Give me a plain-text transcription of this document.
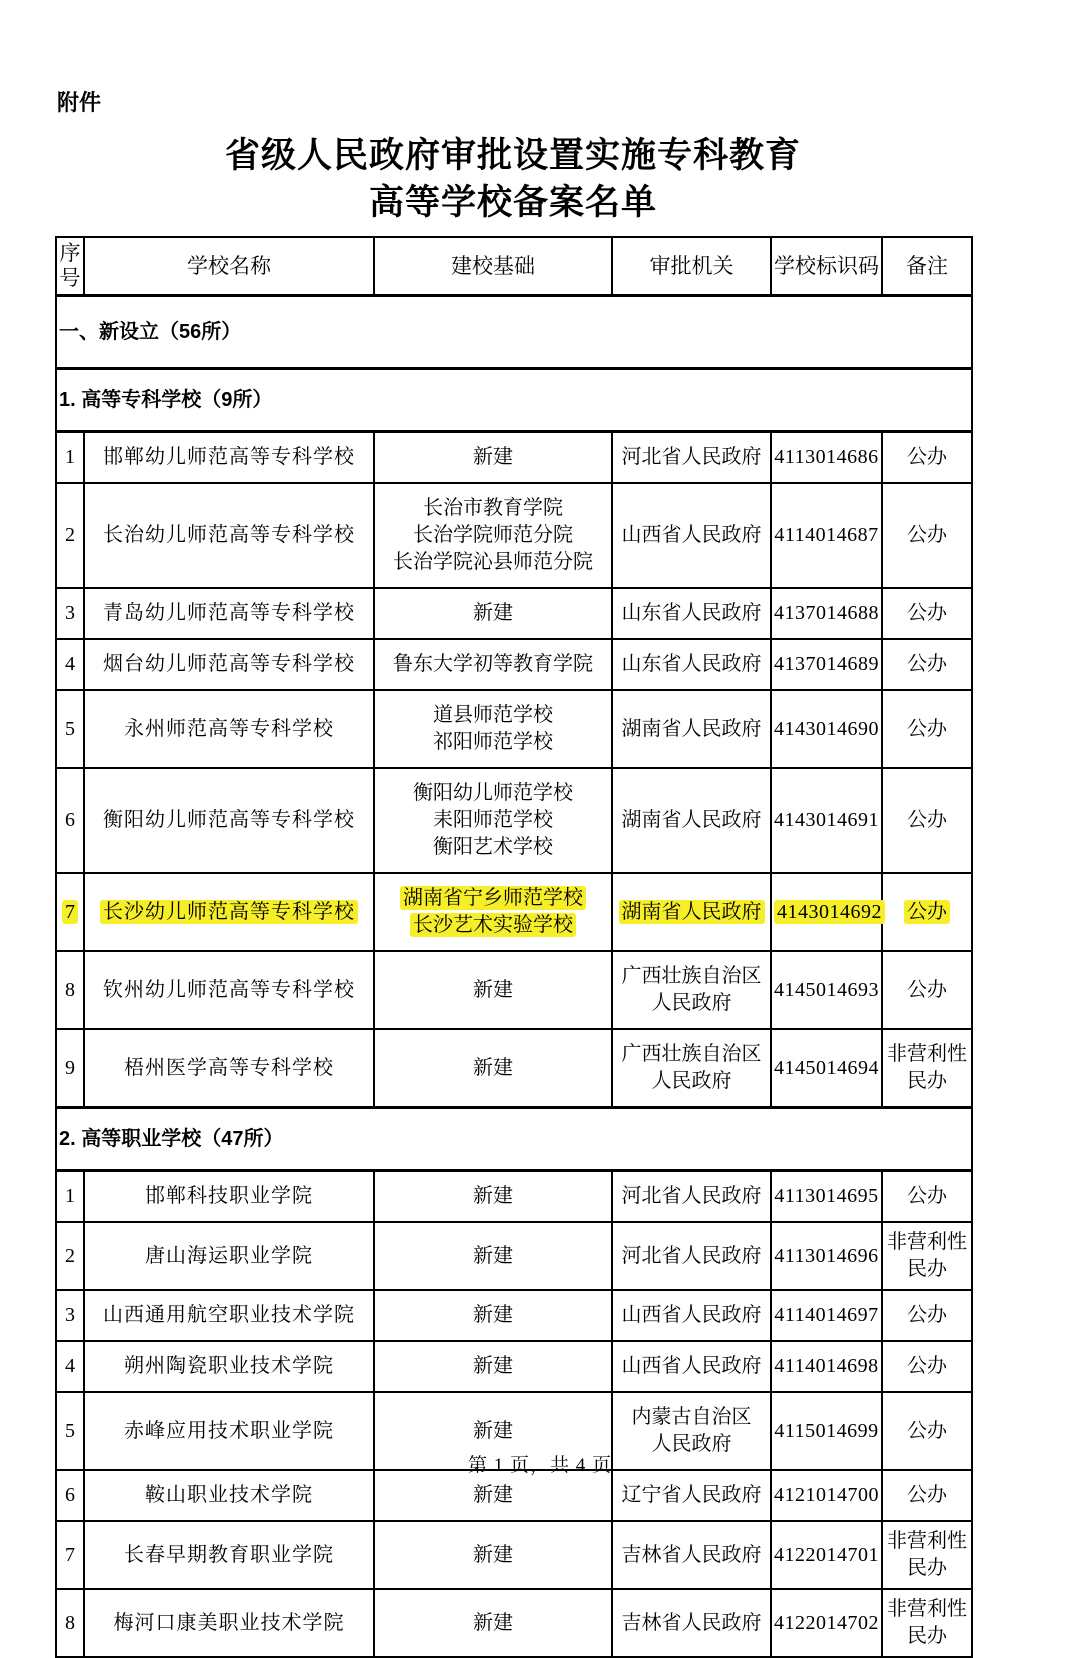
附件
省级人民政府审批设置实施专科教育
高等学校备案名单
序号	学校名称	建校基础	审批机关	学校标识码	备注
一、新设立（56所）					
1. 高等专科学校（9所）					
1	邯郸幼儿师范高等专科学校	新建	河北省人民政府	4113014686	公办
2	长治幼儿师范高等专科学校	长治市教育学院
长治学院师范分院
长治学院沁县师范分院	山西省人民政府	4114014687	公办
3	青岛幼儿师范高等专科学校	新建	山东省人民政府	4137014688	公办
4	烟台幼儿师范高等专科学校	鲁东大学初等教育学院	山东省人民政府	4137014689	公办
5	永州师范高等专科学校	道县师范学校
祁阳师范学校	湖南省人民政府	4143014690	公办
6	衡阳幼儿师范高等专科学校	衡阳幼儿师范学校
耒阳师范学校
衡阳艺术学校	湖南省人民政府	4143014691	公办
7	长沙幼儿师范高等专科学校	湖南省宁乡师范学校
长沙艺术实验学校	湖南省人民政府	4143014692	公办
8	钦州幼儿师范高等专科学校	新建	广西壮族自治区
人民政府	4145014693	公办
9	梧州医学高等专科学校	新建	广西壮族自治区
人民政府	4145014694	非营利性
民办
2. 高等职业学校（47所）					
1	邯郸科技职业学院	新建	河北省人民政府	4113014695	公办
2	唐山海运职业学院	新建	河北省人民政府	4113014696	非营利性
民办
3	山西通用航空职业技术学院	新建	山西省人民政府	4114014697	公办
4	朔州陶瓷职业技术学院	新建	山西省人民政府	4114014698	公办
5	赤峰应用技术职业学院	新建	内蒙古自治区
人民政府	4115014699	公办
6	鞍山职业技术学院	新建	辽宁省人民政府	4121014700	公办
7	长春早期教育职业学院	新建	吉林省人民政府	4122014701	非营利性
民办
8	梅河口康美职业技术学院	新建	吉林省人民政府	4122014702	非营利性
民办
第 1 页，共 4 页
